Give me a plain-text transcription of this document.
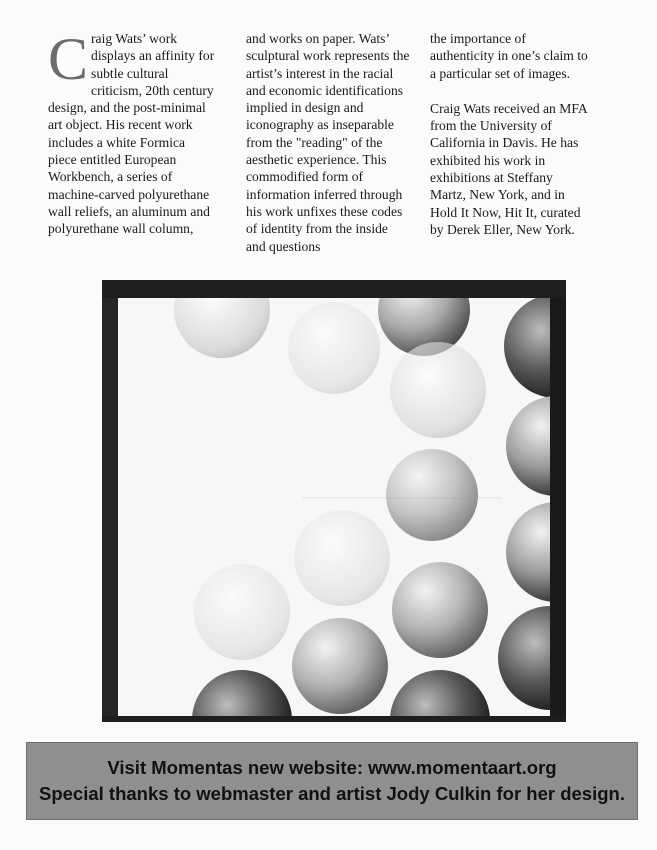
C raig Wats’ work displays an affinity for subtle cultural criticism, 20th century design, and the post-minimal art object. His recent work includes a white Formica piece entitled European Workbench, a series of machine-carved polyurethane wall reliefs, an aluminum and polyurethane wall column,

and works on paper. Wats’ sculptural work represents the artist’s interest in the racial and economic identifications implied in design and iconography as inseparable from the "reading" of the aesthetic experience. This commodified form of information inferred through his work unfixes these codes of identity from the inside and questions

the importance of authenticity in one’s claim to a particular set of images.

Craig Wats received an MFA from the University of California in Davis. He has exhibited his work in exhibitions at Steffany Martz, New York, and in Hold It Now, Hit It, curated by Derek Eller, New York.

Visit Momentas new website: www.momentaart.org
Special thanks to webmaster and artist Jody Culkin for her design.
